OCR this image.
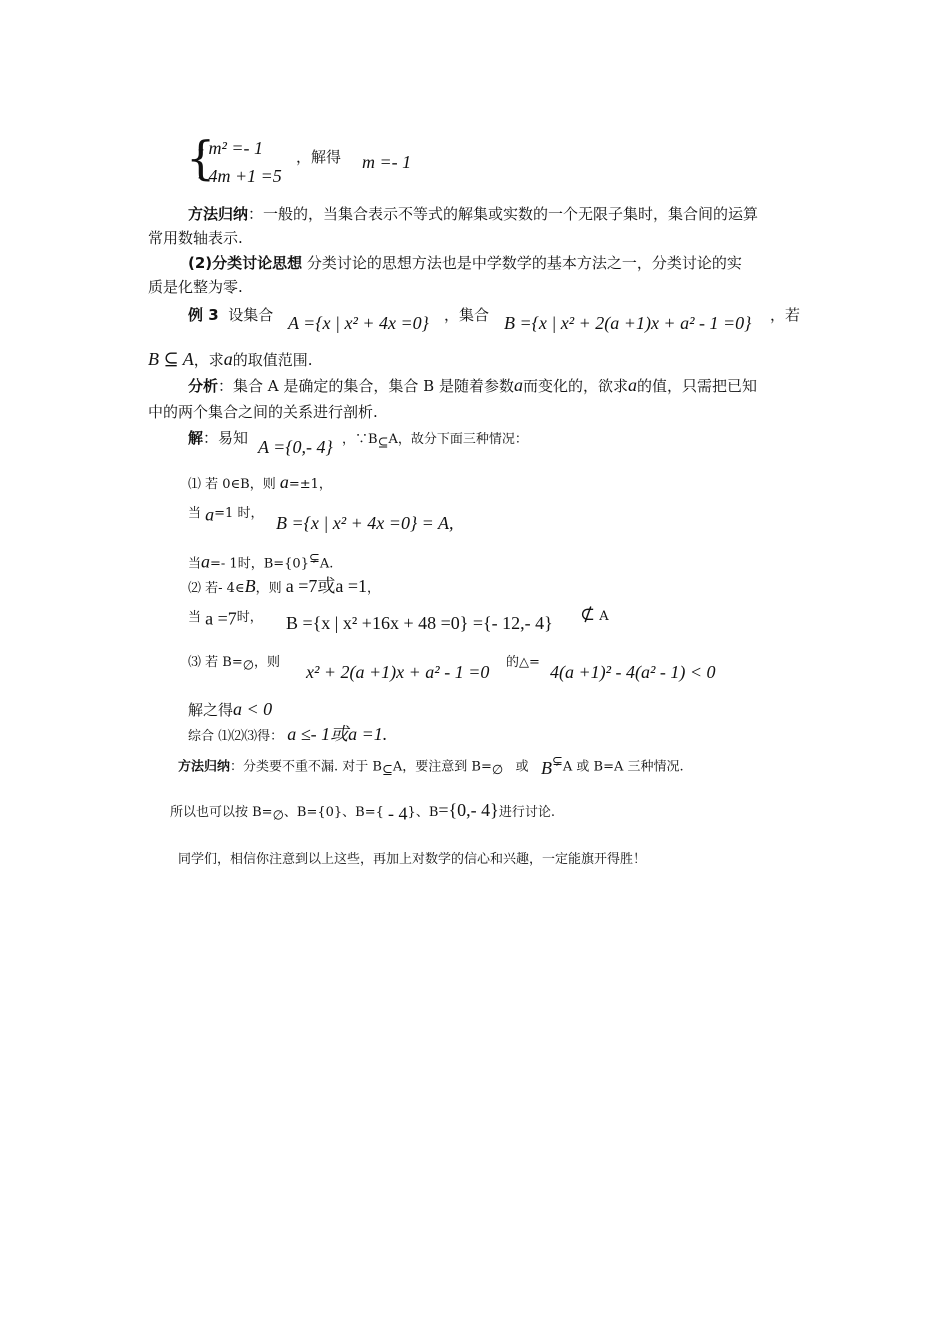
{
- m² =- 1
- 4m +1 =5
，解得 m =- 1
方法归纳：一般的，当集合表示不等式的解集或实数的一个无限子集时，集合间的运算
常用数轴表示.
(2)分类讨论思想 分类讨论的思想方法也是中学数学的基本方法之一，分类讨论的实
质是化整为零.
例 3 设集合 A ={x | x² + 4x =0} ，集合 B ={x | x² + 2(a +1)x + a² - 1 =0} ，若
B ⊆ A，求a的取值范围.
分析：集合 A 是确定的集合，集合 B 是随着参数a而变化的，欲求a的值，只需把已知
中的两个集合之间的关系进行剖析.
解：易知 A ={0,- 4} ，∵B⊆A，故分下面三种情况：
⑴ 若 0∈B，则 a=±1，
当 a=1 时， B ={x | x² + 4x =0} = A,
当a=- 1时，B={0}⊊A.
⑵ 若- 4∈B，则 a =7或a =1，
当 a =7时， B ={x | x² +16x + 48 =0} ={- 12,- 4} ⊄ A
⑶ 若 B=∅，则 x² + 2(a +1)x + a² - 1 =0 的△= 4(a +1)² - 4(a² - 1) < 0
解之得a < 0
综合 ⑴⑵⑶得： a ≤- 1或a =1.
方法归纳：分类要不重不漏. 对于 B⊆A，要注意到 B=∅ 或 B⊊A 或 B=A 三种情况.
所以也可以按 B=∅、B={0}、B={ - 4}、B={0,- 4}进行讨论.
同学们，相信你注意到以上这些，再加上对数学的信心和兴趣，一定能旗开得胜！
